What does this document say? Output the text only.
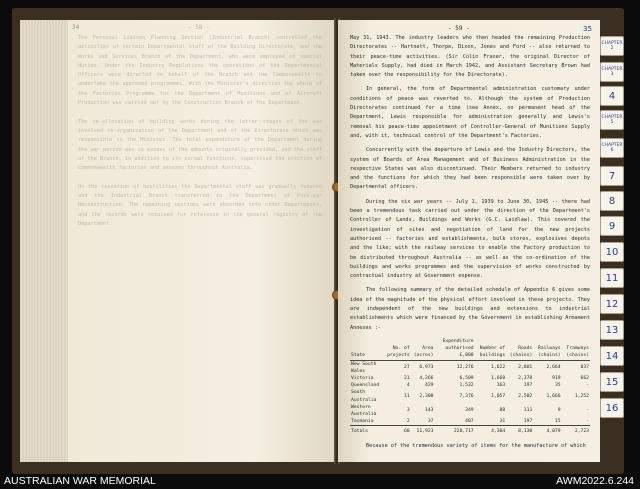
34	- 58 -
The Personal Liaison Planning Section (Industrial Branch) controlled the activities of certain Departmental staff of the Building Directorate, and the Works and Services Branch of the Department, who were employed on special duties. Under the Industry Regulations the operations of the Departmental Officers were directed on behalf of the Branch and the Commonwealth to undertake the approved programmes. With the Minister's direction the whole of the Factories Programme for the Department of Munitions and of Aircraft Production was carried out by the Construction Branch of the Department.

The re-allocation of building works during the latter stages of the war involved re-organisation of the Department and of the Directorate which was responsible to the Minister. The total expenditure of the Department during the war period was in excess of the amounts originally provided, and the staff of the Branch, in addition to its normal functions, supervised the erection of Commonwealth factories and annexes throughout Australia.

On the cessation of hostilities the Departmental staff was gradually reduced and the Industrial Branch transferred to the Department of Post-war Reconstruction. The remaining sections were absorbed into other Departments, and the records were retained for reference in the general registry of the Department.
- 59 -	35

May 31, 1943. The industry leaders who then headed the remaining Production Directorates -- Hartnett, Thorpe, Dixon, Jones and Ford -- also returned to their peace-time activities. (Sir Colin Fraser, the original Director of Materials Supply, had died in March 1942, and Assistant Secretary Brown had taken over the responsibility for the Directorate).

In general, the form of Departmental administration customary under conditions of peace was reverted to. Although the system of Production Directorates continued for a time (see Annex, no permanent head of the Department, Lewis responsible for administration generally and Lewis's removal his peace-time appointment of Controller-General of Munitions Supply and, with it, technical control of the Department's Factories.

Concurrently with the departure of Lewis and the Industry Directors, the system of Boards of Area Management and of Business Administration in the respective States was also discontinued. Their Members returned to industry and the functions for which they had been responsible were taken over by Departmental officers.

During the six war years -- July 1, 1939 to June 30, 1945 -- there had been a tremendous task carried out under the direction of the Department's Controller of Lands, Buildings and Works (G.C. Laidlaw). This covered the investigation of sites and negotiation of land for the new projects authorised -- factories and establishments, bulk stores, explosives depots and the like; with the railway services to enable the Factory production to be distributed throughout Australia -- as well as the co-ordination of the buildings and works programmes and the supervision of works constructed by contractual industry at Government expense.

The following summary of the detailed schedule of Appendix 6 gives some idea of the magnitude of the physical effort involved in these projects. They are independent of the new buildings and extensions to industrial establishments which were financed by the Government in establishing Armament Annexes :-

State	No. of projects	Area (acres)	Expenditure authorised £,000	Number of buildings	Roads (chains)	Railways (chains)	Tramways (chains)
New South Wales	27	6,973	12,276	1,622	2,801	2,664	837
Victoria	21	4,266	6,509	1,660	2,378	919	662
Queensland	4	429	1,532	163	197	35	-
South Australia	11	2,300	7,376	1,057	2,502	1,666	1,252
Western Australia	3	143	349	88	111	9	-
Tasmania	2	37	407	31	197	15	-
Totals	68	11,923	228,717	4,304	8,130	4,079	2,723

Because of the tremendous variety of items for the manufacture of which

CHAPTER 2
CHAPTER 3
4
CHAPTER 5
CHAPTER 6
7
8
9
10
11
12
13
14
15
16
AUSTRALIAN WAR MEMORIAL	AWM2022.6.244
